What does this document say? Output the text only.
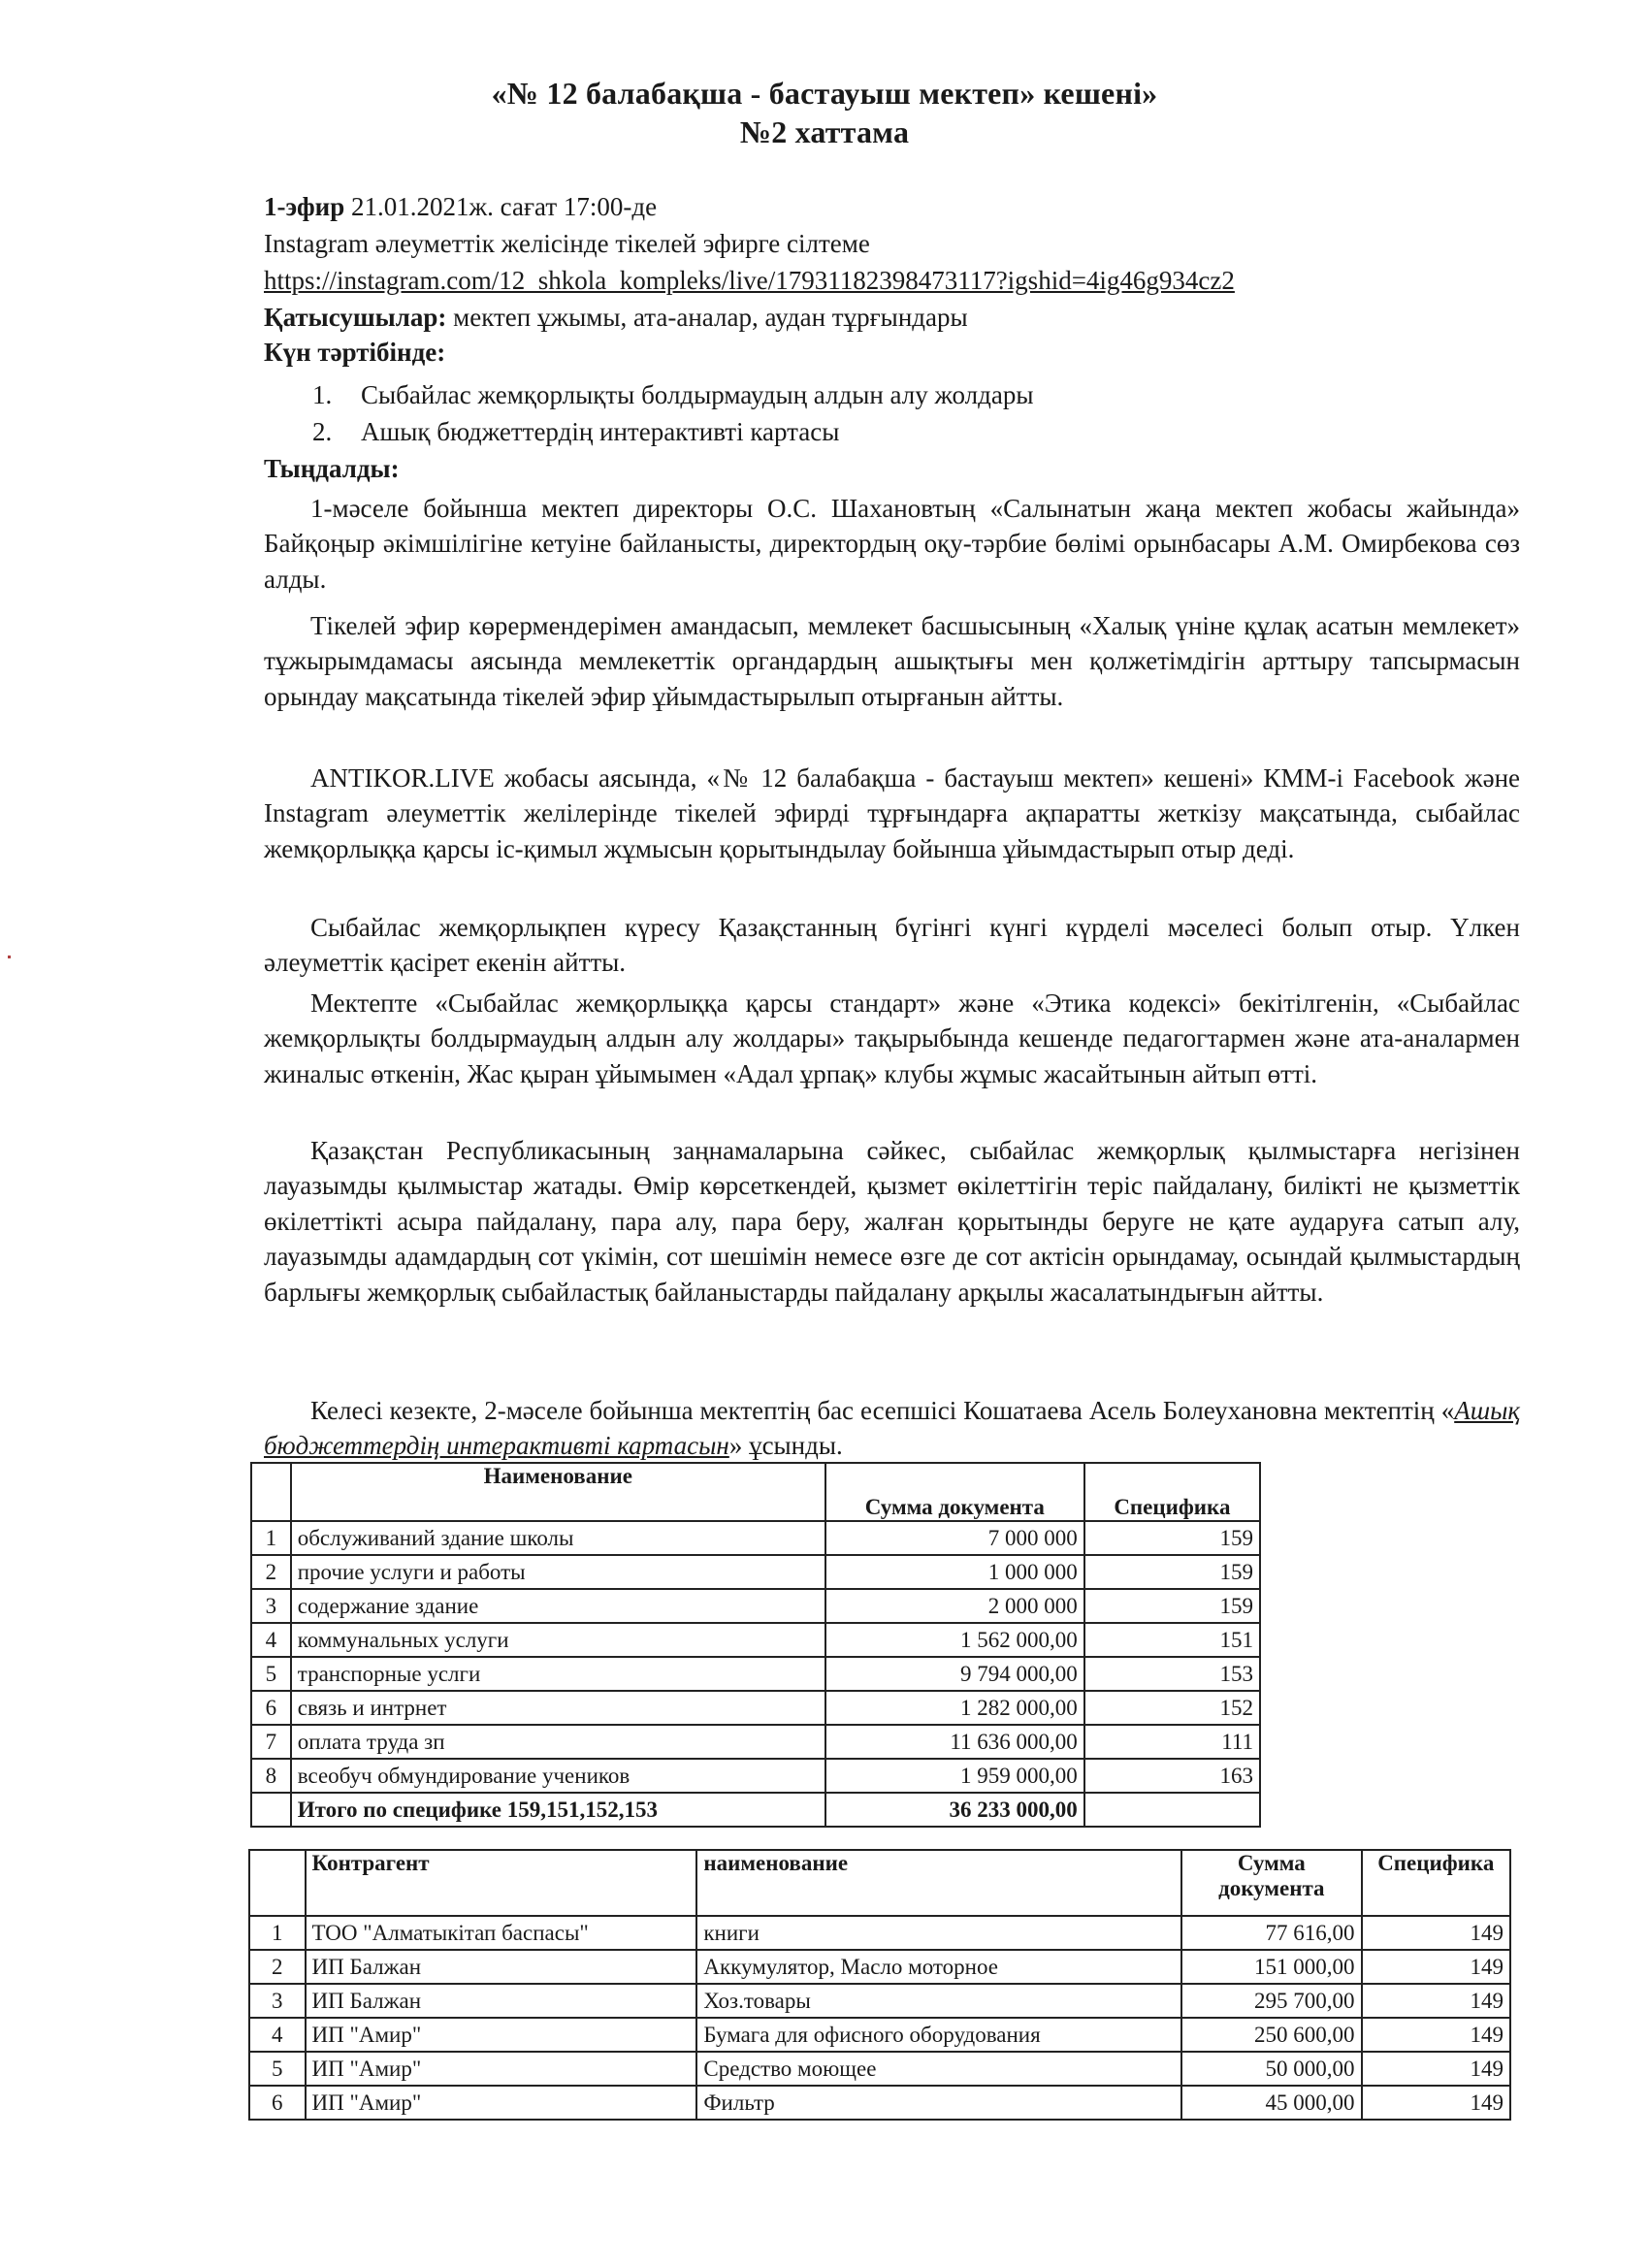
«№ 12 балабақша - бастауыш мектеп» кешені»
№2 хаттама
1-эфир 21.01.2021ж. сағат 17:00-де
Instagram әлеуметтік желісінде тікелей эфирге сілтеме
https://instagram.com/12_shkola_kompleks/live/17931182398473117?igshid=4ig46g934cz2
Қатысушылар: мектеп ұжымы, ата-аналар, аудан тұрғындары
Күн тәртібінде:
1. Сыбайлас жемқорлықты болдырмаудың алдын алу жолдары
2. Ашық бюджеттердің интерактивті картасы
Тыңдалды:
1-мәселе бойынша мектеп директоры О.С. Шахановтың «Салынатын жаңа мектеп жобасы жайында» Байқоңыр әкімшілігіне кетуіне байланысты, директордың оқу-тәрбие бөлімі орынбасары А.М. Омирбекова сөз алды.
Тікелей эфир көрермендерімен амандасып, мемлекет басшысының «Халық үніне құлақ асатын мемлекет» тұжырымдамасы аясында мемлекеттік органдардың ашықтығы мен қолжетімдігін арттыру тапсырмасын орындау мақсатында тікелей эфир ұйымдастырылып отырғанын айтты.
ANTIKOR.LIVE жобасы аясында, «№ 12 балабақша - бастауыш мектеп» кешені» КММ-і Facebook және Instagram әлеуметтік желілерінде тікелей эфирді тұрғындарға ақпаратты жеткізу мақсатында, сыбайлас жемқорлыққа қарсы іс-қимыл жұмысын қорытындылау бойынша ұйымдастырып отыр деді.
Сыбайлас жемқорлықпен күресу Қазақстанның бүгінгі күнгі күрделі мәселесі болып отыр. Үлкен әлеуметтік қасірет екенін айтты.
Мектепте «Сыбайлас жемқорлыққа қарсы стандарт» және «Этика кодексі» бекітілгенін, «Сыбайлас жемқорлықты болдырмаудың алдын алу жолдары» тақырыбында кешенде педагогтармен және ата-аналармен жиналыс өткенін, Жас қыран ұйымымен «Адал ұрпақ» клубы жұмыс жасайтынын айтып өтті.
Қазақстан Республикасының заңнамаларына сәйкес, сыбайлас жемқорлық қылмыстарға негізінен лауазымды қылмыстар жатады. Өмір көрсеткендей, қызмет өкілеттігін теріс пайдалану, билікті не қызметтік өкілеттікті асыра пайдалану, пара алу, пара беру, жалған қорытынды беруге не қате аударуға сатып алу, лауазымды адамдардың сот үкімін, сот шешімін немесе өзге де сот актісін орындамау, осындай қылмыстардың барлығы жемқорлық сыбайластық байланыстарды пайдалану арқылы жасалатындығын айтты.
Келесі кезекте, 2-мәселе бойынша мектептің бас есепшісі Кошатаева Асель Болеухановна мектептің «Ашық бюджеттердің интерактивті картасын» ұсынды.
	Наименование	Сумма документа	Специфика
1	обслуживаний здание школы	7 000 000	159
2	прочие услуги и работы	1 000 000	159
3	содержание здание	2 000 000	159
4	коммунальных услуги	1 562 000,00	151
5	транспорные услги	9 794 000,00	153
6	связь и интрнет	1 282 000,00	152
7	оплата труда зп	11 636 000,00	111
8	всеобуч обмундирование учеников	1 959 000,00	163
	Итого по специфике 159,151,152,153	36 233 000,00	
	Контрагент	наименование	Сумма документа	Специфика
1	ТОО "Алматыкітап баспасы"	книги	77 616,00	149
2	ИП Балжан	Аккумулятор, Масло моторное	151 000,00	149
3	ИП Балжан	Хоз.товары	295 700,00	149
4	ИП "Амир"	Бумага для офисного оборудования	250 600,00	149
5	ИП "Амир"	Средство моющее	50 000,00	149
6	ИП "Амир"	Фильтр	45 000,00	149
